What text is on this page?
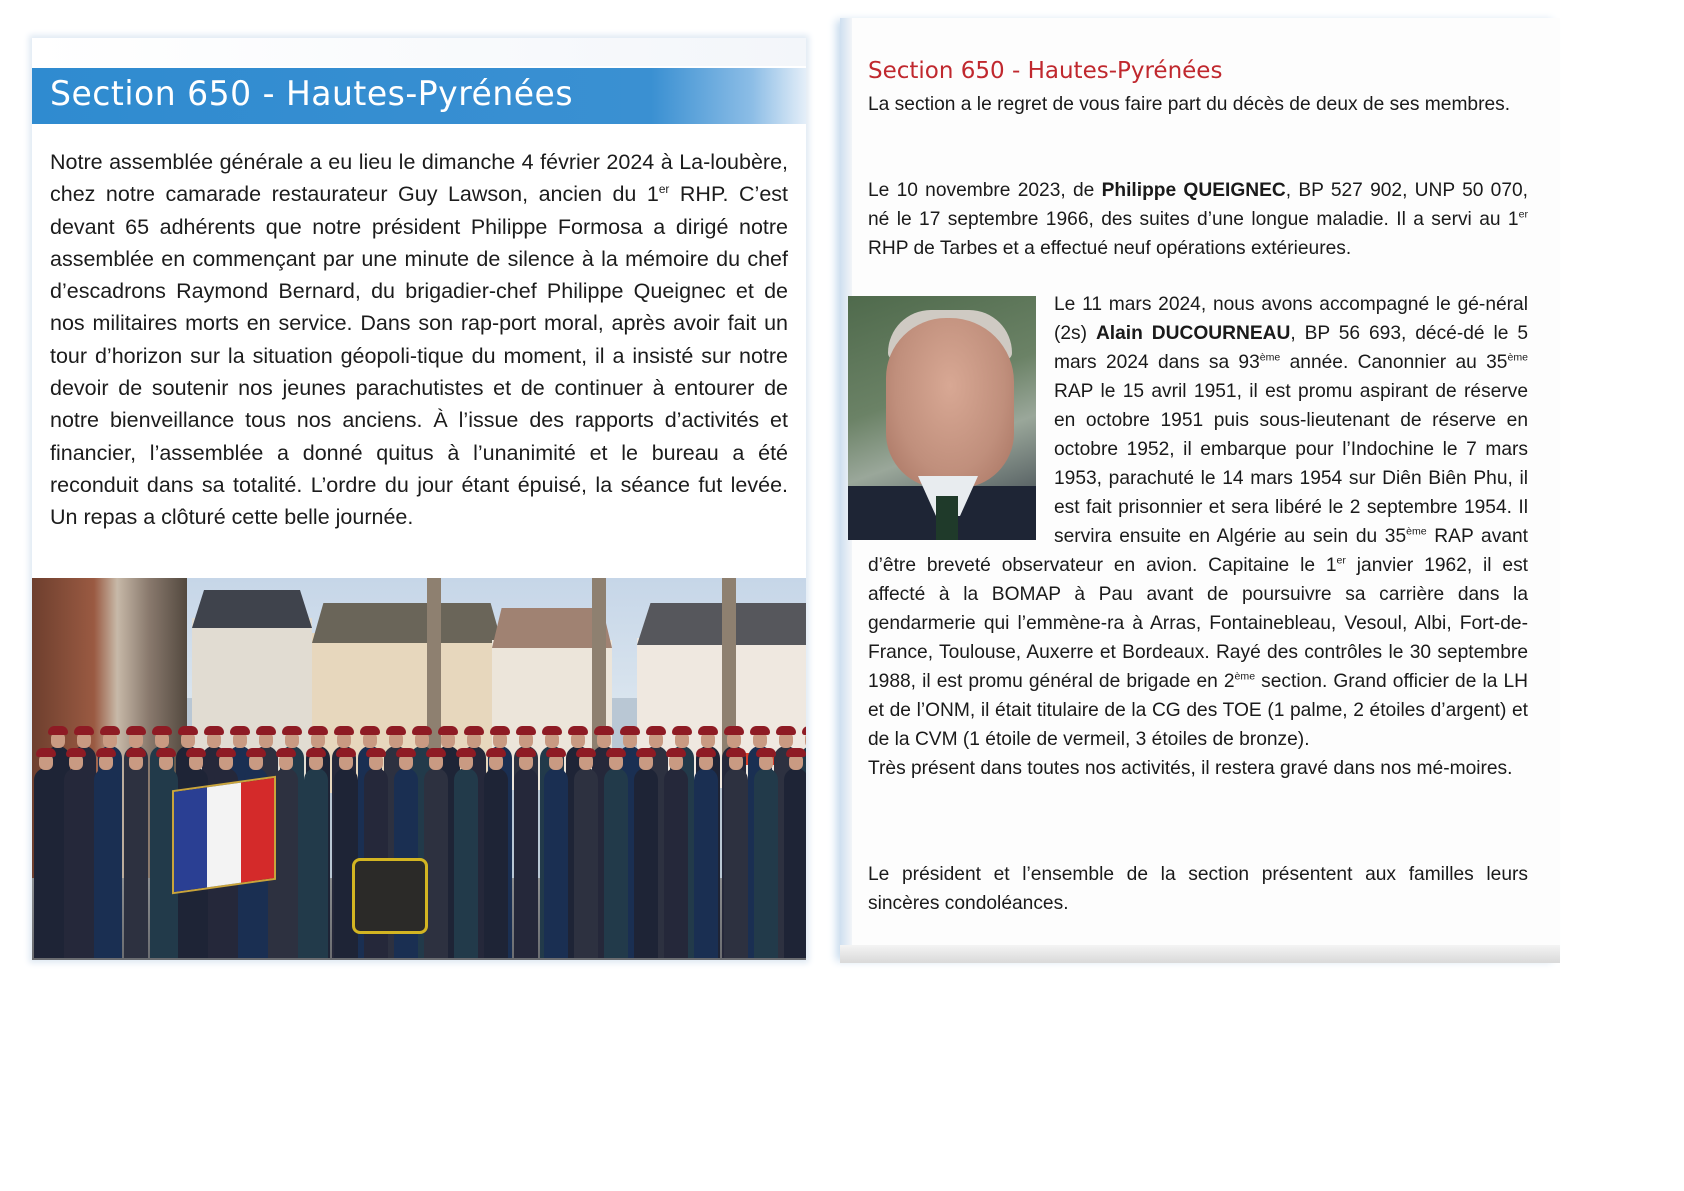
Section 650 - Hautes-Pyrénées
Notre assemblée générale a eu lieu le dimanche 4 février 2024 à La-loubère, chez notre camarade restaurateur Guy Lawson, ancien du 1er RHP. C’est devant 65 adhérents que notre président Philippe Formosa a dirigé notre assemblée en commençant par une minute de silence à la mémoire du chef d’escadrons Raymond Bernard, du brigadier-chef Philippe Queignec et de nos militaires morts en service. Dans son rap-port moral, après avoir fait un tour d’horizon sur la situation géopoli-tique du moment, il a insisté sur notre devoir de soutenir nos jeunes parachutistes et de continuer à entourer de notre bienveillance tous nos anciens. À l’issue des rapports d’activités et financier, l’assemblée a donné quitus à l’unanimité et le bureau a été reconduit dans sa totalité. L’ordre du jour étant épuisé, la séance fut levée. Un repas a clôturé cette belle journée.
Section 650 - Hautes-Pyrénées
La section a le regret de vous faire part du décès de deux de ses membres.
Le 10 novembre 2023, de Philippe QUEIGNEC, BP 527 902, UNP 50 070, né le 17 septembre 1966, des suites d’une longue maladie. Il a servi au 1er RHP de Tarbes et a effectué neuf opérations extérieures.
Le 11 mars 2024, nous avons accompagné le gé-néral (2s) Alain DUCOURNEAU, BP 56 693, décé-dé le 5 mars 2024 dans sa 93ème année. Canonnier au 35ème RAP le 15 avril 1951, il est promu aspirant de réserve en octobre 1951 puis sous-lieutenant de réserve en octobre 1952, il embarque pour l’Indochine le 7 mars 1953, parachuté le 14 mars 1954 sur Diên Biên Phu, il est fait prisonnier et sera libéré le 2 septembre 1954. Il servira ensuite en Algérie au sein du 35ème RAP avant d’être breveté observateur en avion. Capitaine le 1er janvier 1962, il est affecté à la BOMAP à Pau avant de poursuivre sa carrière dans la gendarmerie qui l’emmène-ra à Arras, Fontainebleau, Vesoul, Albi, Fort-de-France, Toulouse, Auxerre et Bordeaux. Rayé des contrôles le 30 septembre 1988, il est promu général de brigade en 2ème section. Grand officier de la LH et de l’ONM, il était titulaire de la CG des TOE (1 palme, 2 étoiles d’argent) et de la CVM (1 étoile de vermeil, 3 étoiles de bronze).
Très présent dans toutes nos activités, il restera gravé dans nos mé-moires.
Le président et l’ensemble de la section présentent aux familles leurs sincères condoléances.
